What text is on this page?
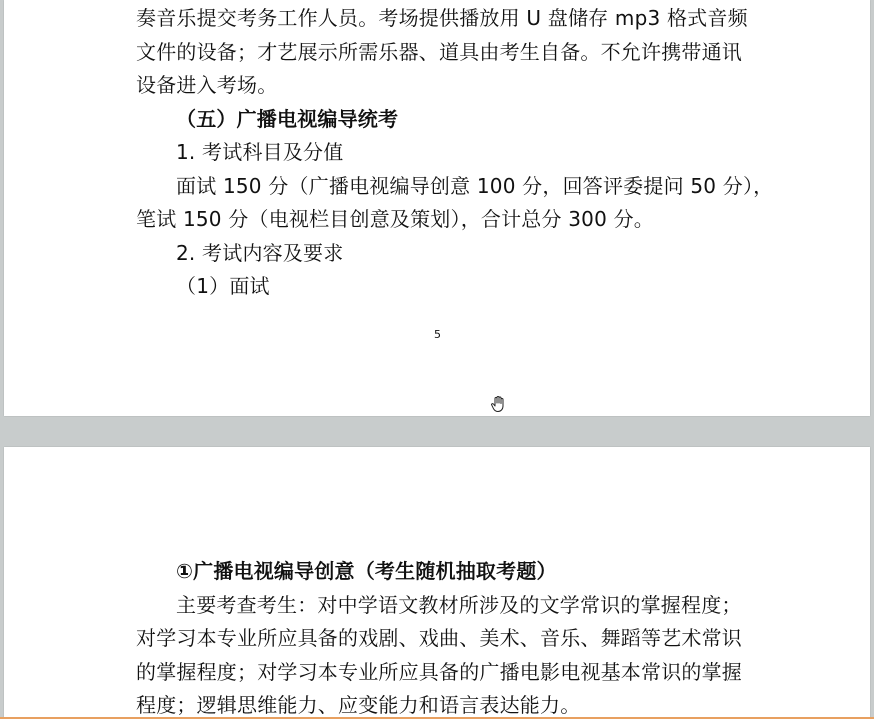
奏音乐提交考务工作人员。考场提供播放用 U 盘储存 mp3 格式音频
文件的设备；才艺展示所需乐器、道具由考生自备。不允许携带通讯
设备进入考场。
（五）广播电视编导统考
1. 考试科目及分值
面试 150 分（广播电视编导创意 100 分，回答评委提问 50 分），
笔试 150 分（电视栏目创意及策划），合计总分 300 分。
2. 考试内容及要求
（1）面试
5
①广播电视编导创意（考生随机抽取考题）
主要考查考生：对中学语文教材所涉及的文学常识的掌握程度；
对学习本专业所应具备的戏剧、戏曲、美术、音乐、舞蹈等艺术常识
的掌握程度；对学习本专业所应具备的广播电影电视基本常识的掌握
程度；逻辑思维能力、应变能力和语言表达能力。
